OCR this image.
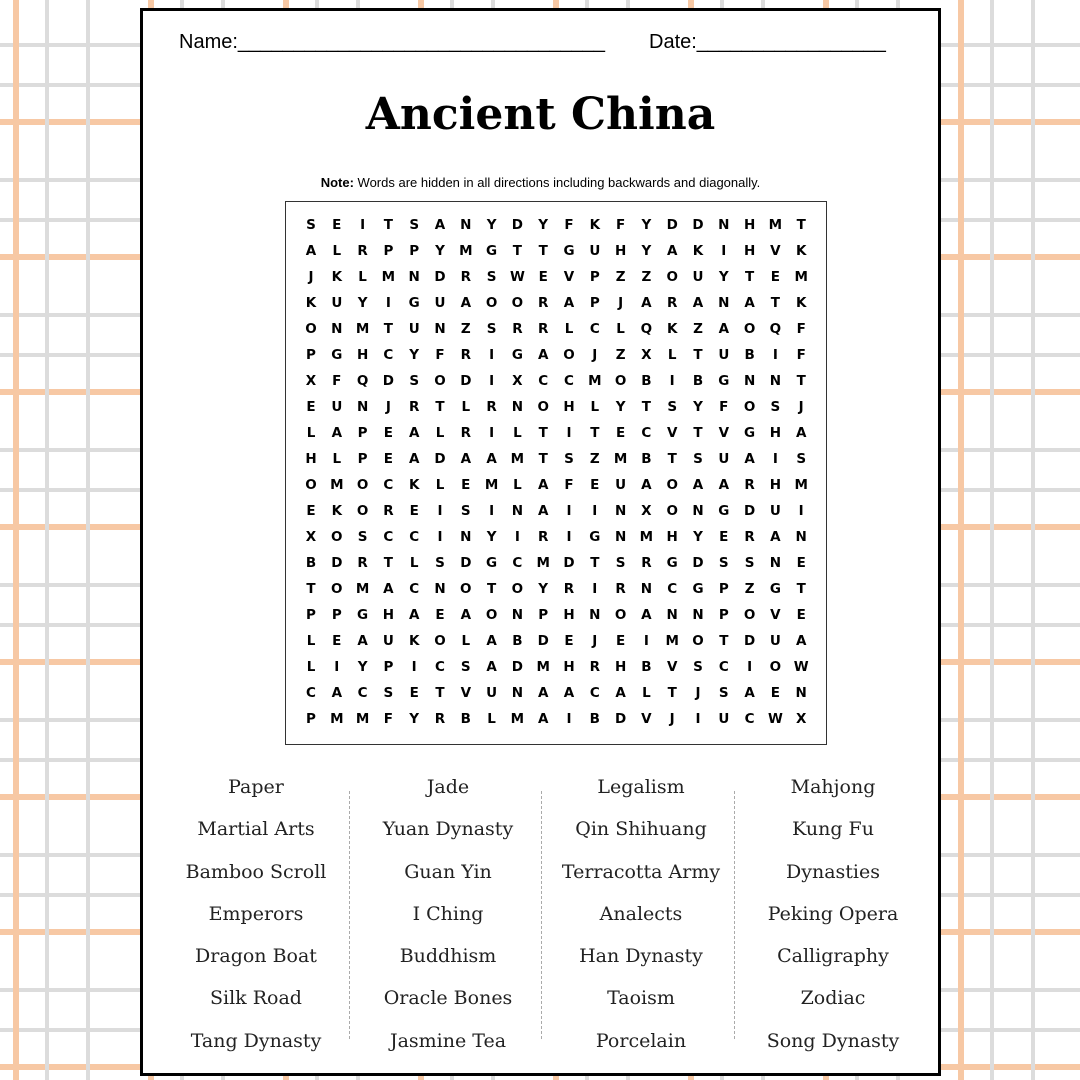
Name:_________________________________ Date:_________________
Ancient China
Note: Words are hidden in all directions including backwards and diagonally.
S	E	I	T	S	A	N	Y	D	Y	F	K	F	Y	D	D	N	H M	T
A	L	R	P	P	Y	M	G	T	T	G	U	H	Y	A	K	I	H	V	K
J	K	L	M N	D	R	S W	E	V	P	Z	Z	O	U	Y	T	E	M
K	U	Y	I	G	U	A	O	O	R	A	P	J	A	R	A	N	A	T	K
O	N M	T	U	N	Z	S	R	R	L	C	L	Q	K	Z	A	O	Q	F
P	G	H	C	Y	F	R	I	G	A	O	J	Z	X	L	T	U	B	I	F
X	F	Q	D	S	O	D	I	X	C	C	M O	B	I	B	G	N	N	T
E	U	N	J	R	T	L	R	N	O	H	L	Y	T	S	Y	F	O	S	J
L	A	P	E	A	L	R	I	L	T	I	T	E	C	V	T	V	G	H	A
H	L	P	E	A	D	A	A	M	T	S	Z	M	B	T	S	U	A	I	S
O M O	C	K	L	E	M	L	A	F	E	U	A	O	A	A	R	H M
E	K	O	R	E	I	S	I	N	A	I	I	N	X	O	N	G	D	U	I
X	O	S	C	C	I	N	Y	I	R	I	G	N M H	Y	E	R	A	N
B	D	R	T	L	S	D	G	C	M D	T	S	R	G	D	S	S	N	E
T	O M	A	C	N	O	T	O	Y	R	I	R	N	C	G	P	Z	G	T
P	P	G	H	A	E	A	O	N	P	H	N	O	A	N	N	P	O	V	E
L	E	A	U	K	O	L	A	B	D	E	J	E	I	M O	T	D	U	A
L	I	Y	P	I	C	S	A	D M H	R	H	B	V	S	C	I	O W
C	A	C	S	E	T	V	U	N	A	A	C	A	L	T	J	S	A	E	N
P	M M	F	Y	R	B	L	M	A	I	B	D	V	J	I	U	C W X
Paper
Martial Arts
Bamboo Scroll
Emperors
Dragon Boat
Silk Road
Tang Dynasty
Jade
Yuan Dynasty
Guan Yin
I Ching
Buddhism
Oracle Bones
Jasmine Tea
Legalism
Qin Shihuang
Terracotta Army
Analects
Han Dynasty
Taoism
Porcelain
Mahjong
Kung Fu
Dynasties
Peking Opera
Calligraphy
Zodiac
Song Dynasty
